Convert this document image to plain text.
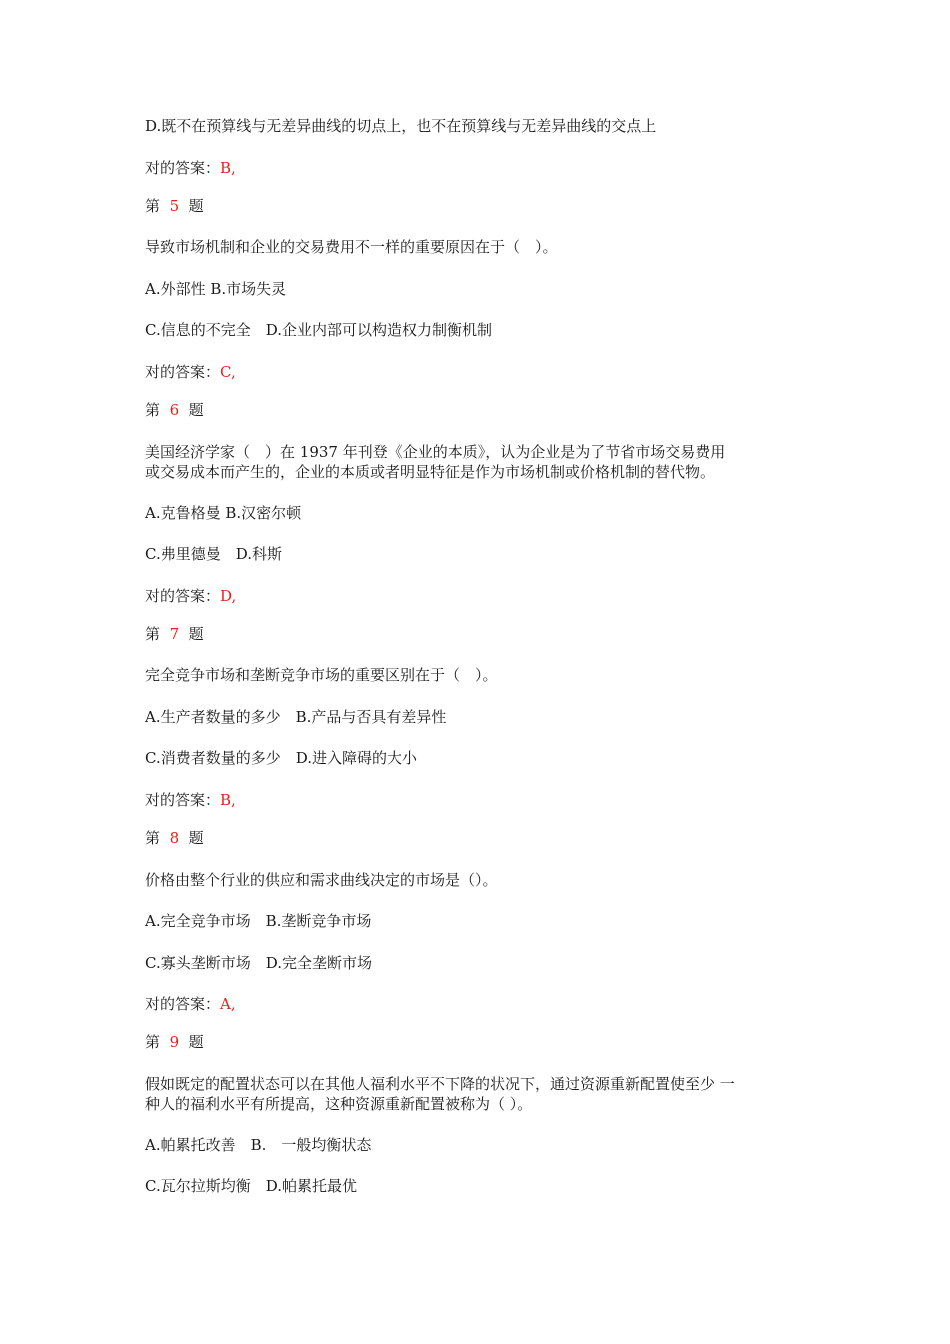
D.既不在预算线与无差异曲线的切点上，也不在预算线与无差异曲线的交点上
对的答案：B,
第 5 题
导致市场机制和企业的交易费用不一样的重要原因在于（　）。
A.外部性 B.市场失灵
C.信息的不完全　D.企业内部可以构造权力制衡机制
对的答案：C,
第 6 题
美国经济学家（　）在 1937 年刊登《企业的本质》，认为企业是为了节省市场交易费用
或交易成本而产生的，企业的本质或者明显特征是作为市场机制或价格机制的替代物。
A.克鲁格曼 B.汉密尔顿
C.弗里德曼　D.科斯
对的答案：D,
第 7 题
完全竞争市场和垄断竞争市场的重要区别在于（　）。
A.生产者数量的多少　B.产品与否具有差异性
C.消费者数量的多少　D.进入障碍的大小
对的答案：B,
第 8 题
价格由整个行业的供应和需求曲线决定的市场是（）。
A.完全竞争市场　B.垄断竞争市场
C.寡头垄断市场　D.完全垄断市场
对的答案：A,
第 9 题
假如既定的配置状态可以在其他人福利水平不下降的状况下，通过资源重新配置使至少 一
种人的福利水平有所提高，这种资源重新配置被称为（ ）。
A.帕累托改善　B.　一般均衡状态
C.瓦尔拉斯均衡　D.帕累托最优
